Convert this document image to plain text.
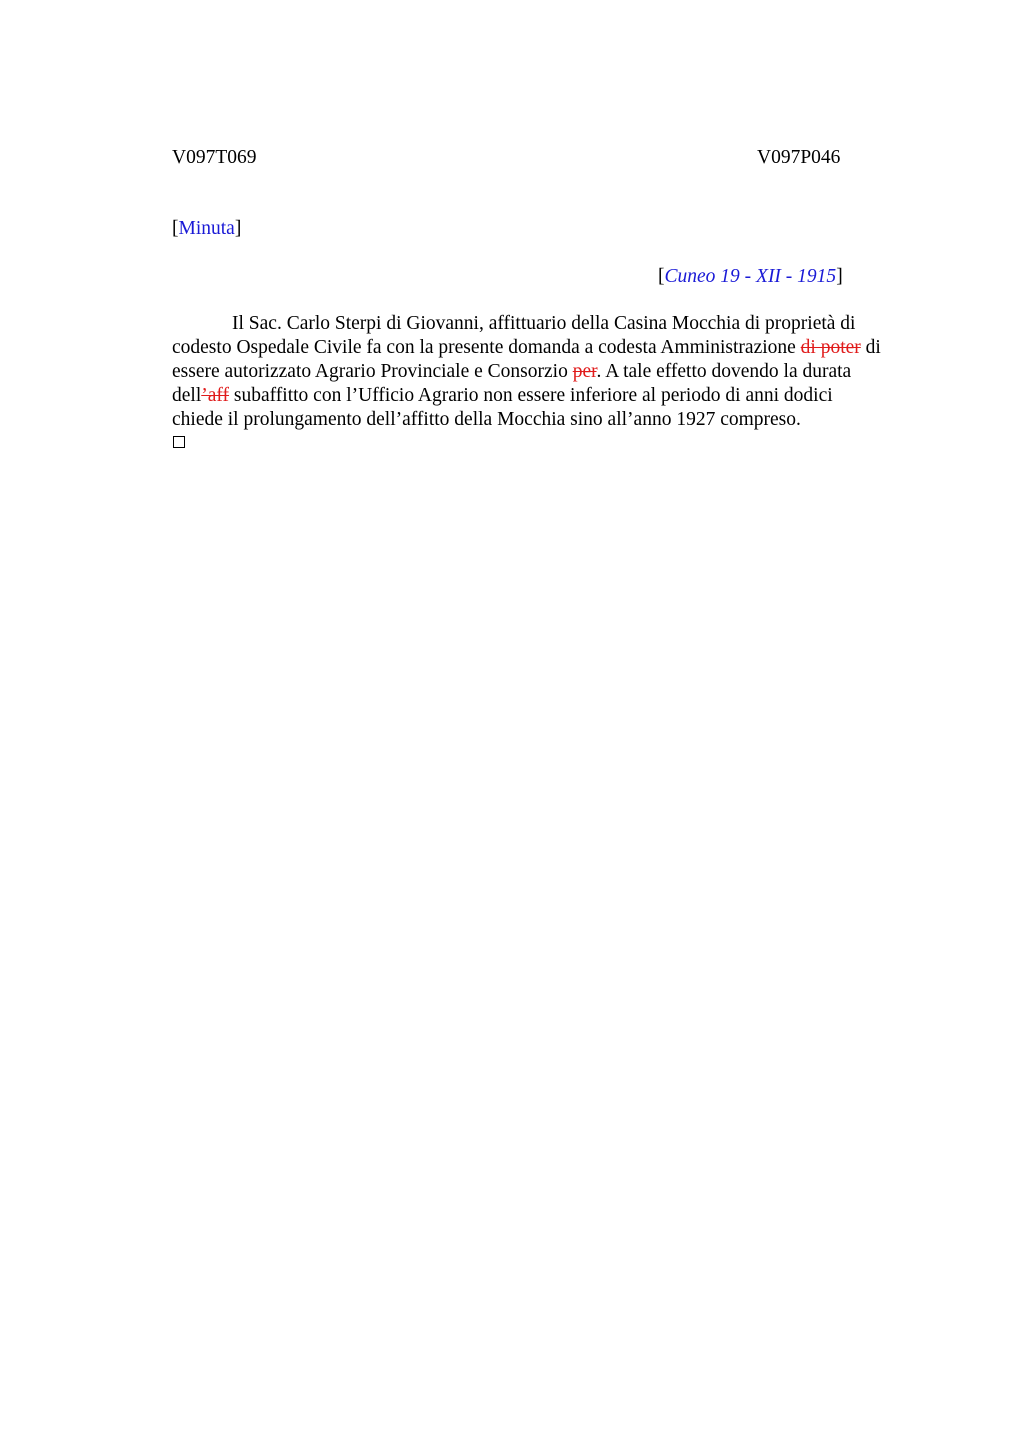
V097T069	V097P046
[Minuta]
[Cuneo 19 - XII - 1915]
Il Sac. Carlo Sterpi di Giovanni, affittuario della Casina Mocchia di proprietà di
codesto Ospedale Civile fa con la presente domanda a codesta Amministrazione di poter di
essere autorizzato Agrario Provinciale e Consorzio per. A tale effetto dovendo la durata
dell’aff subaffitto con l’Ufficio Agrario non essere inferiore al periodo di anni dodici
chiede il prolungamento dell’affitto della Mocchia sino all’anno 1927 compreso.
